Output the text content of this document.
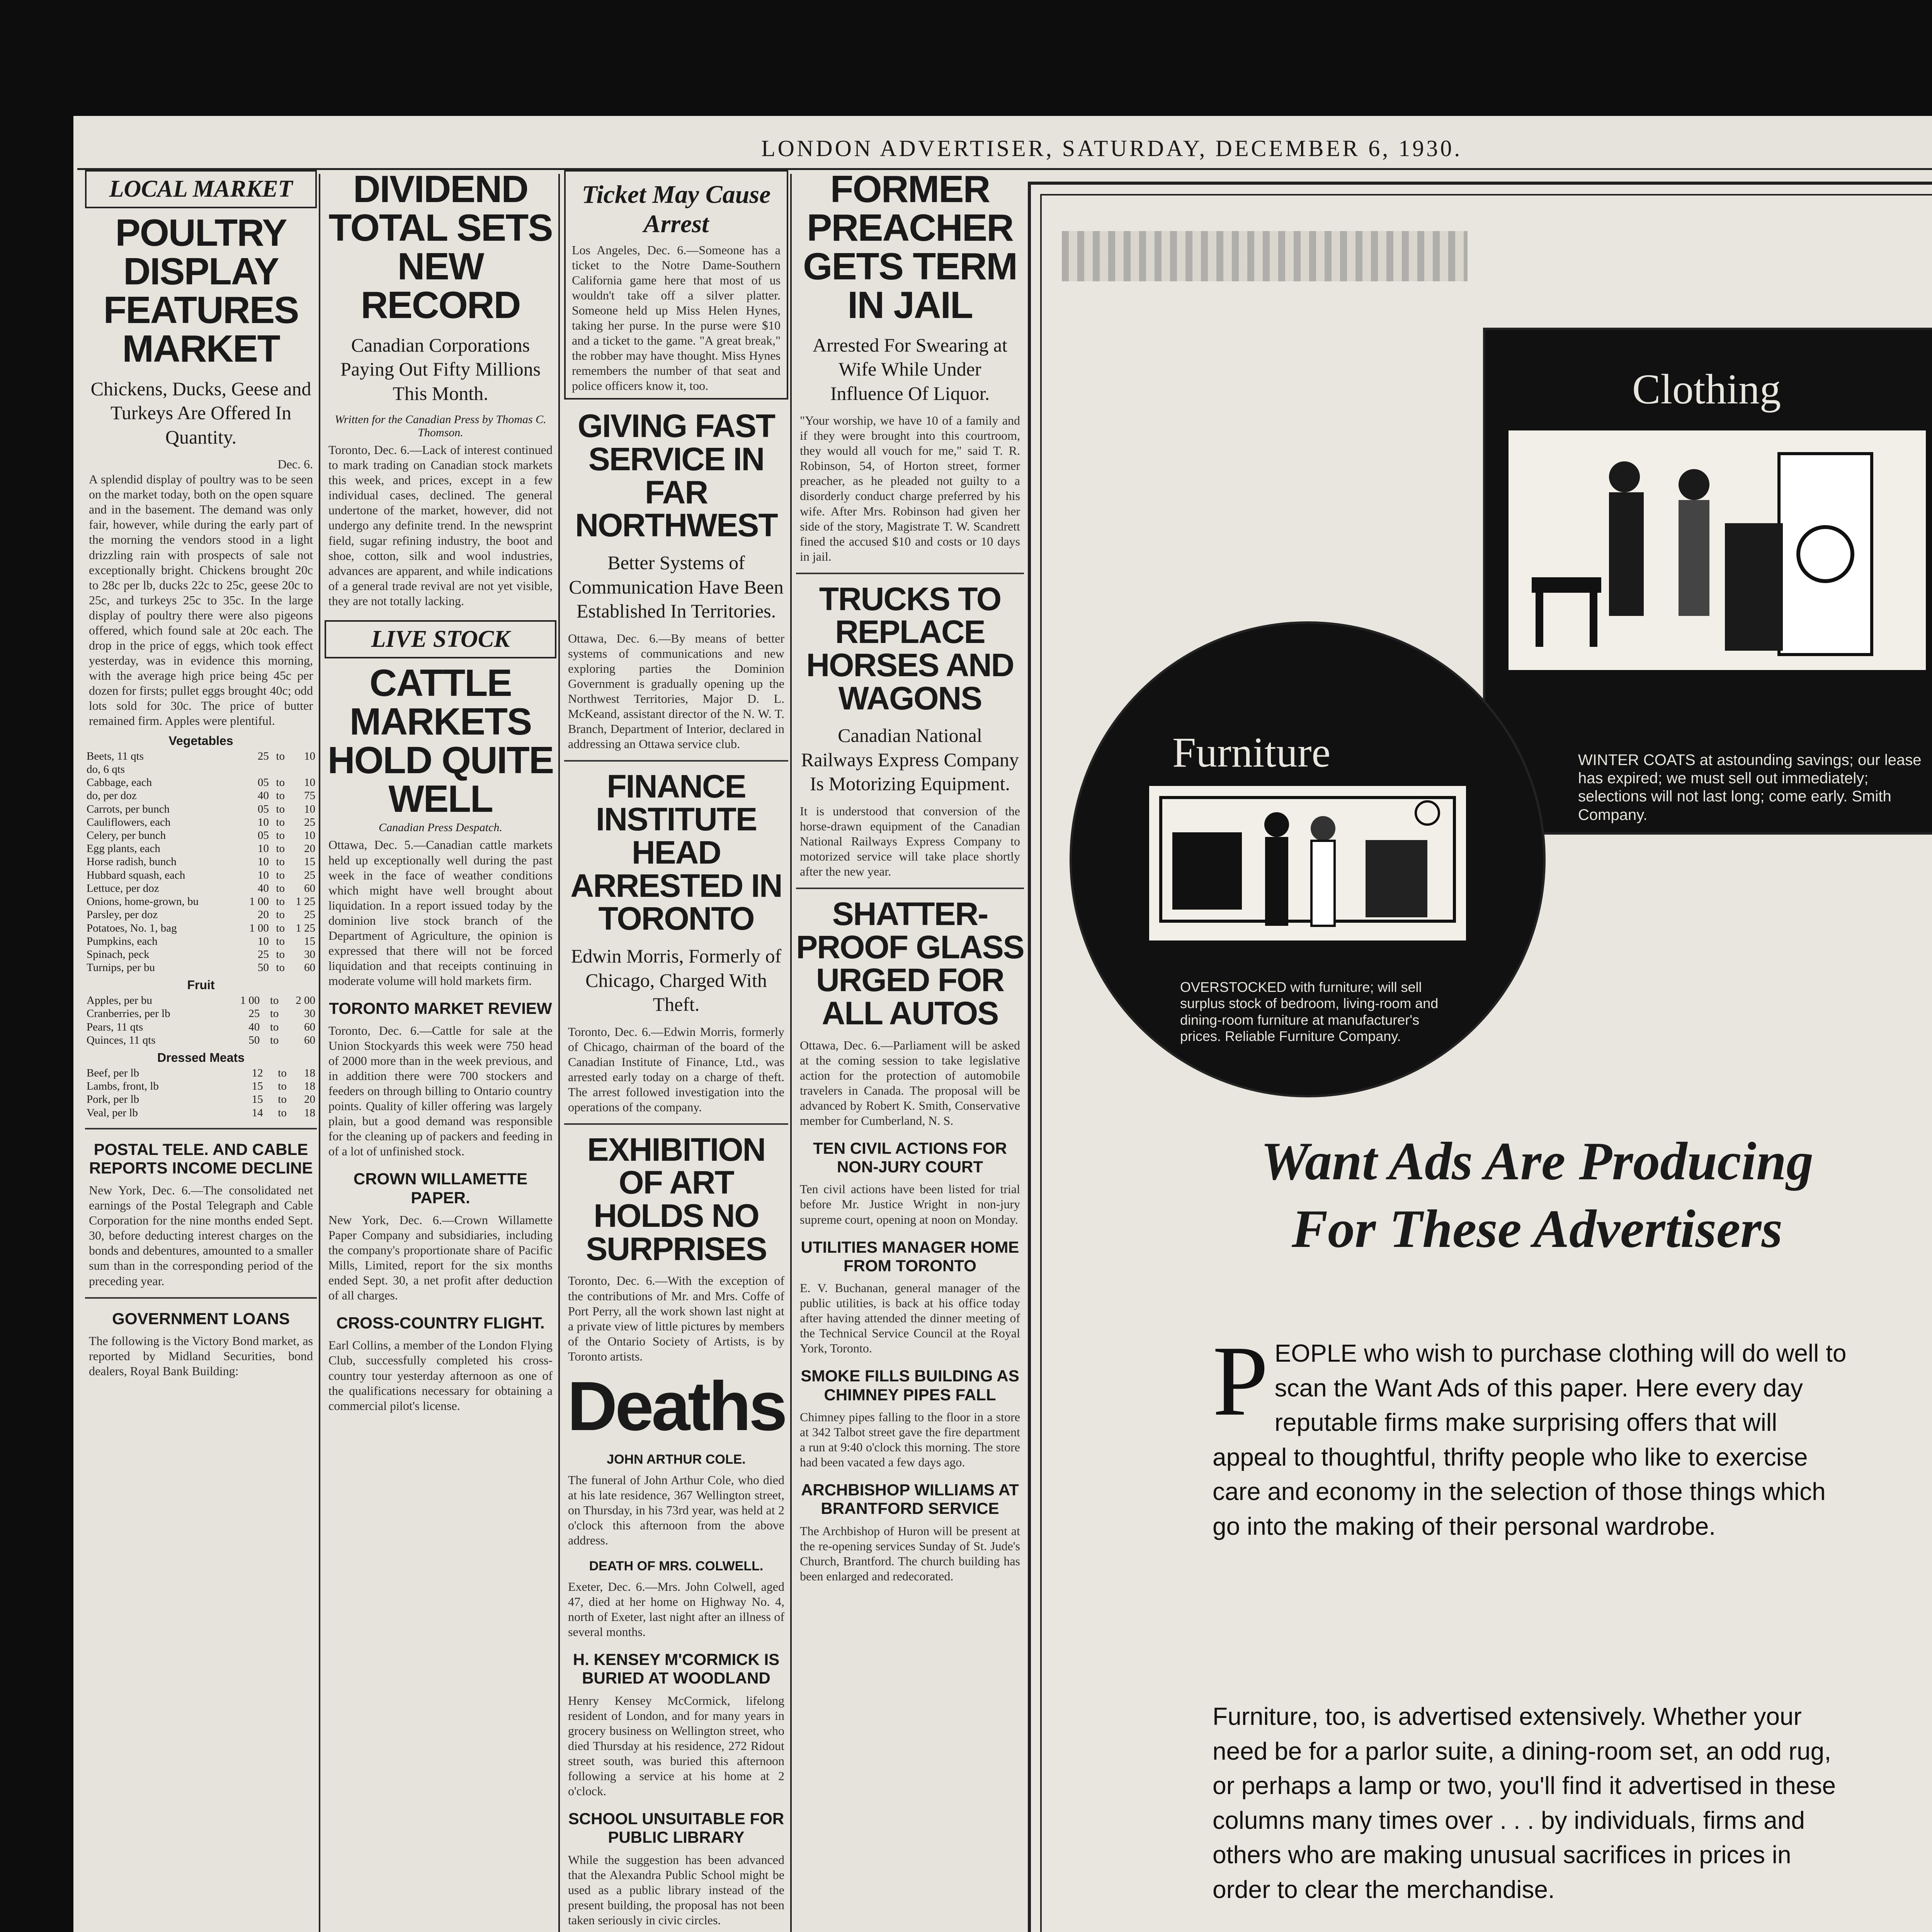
LONDON ADVERTISER, SATURDAY, DECEMBER 6, 1930.
LOCAL MARKET
POULTRY DISPLAY FEATURES MARKET
Chickens, Ducks, Geese and Turkeys Are Offered In Quantity.
Dec. 6.
A splendid display of poultry was to be seen on the market today, both on the open square and in the basement. The demand was only fair, however, while during the early part of the morning the vendors stood in a light drizzling rain with prospects of sale not exceptionally bright. Chickens brought 20c to 28c per lb, ducks 22c to 25c, geese 20c to 25c, and turkeys 25c to 35c. In the large display of poultry there were also pigeons offered, which found sale at 20c each. The drop in the price of eggs, which took effect yesterday, was in evidence this morning, with the average high price being 45c per dozen for firsts; pullet eggs brought 40c; odd lots sold for 30c. The price of butter remained firm. Apples were plentiful.
Vegetables
Beets, 11 qts	25	to	10
do, 6 qts			
Cabbage, each	05	to	10
do, per doz	40	to	75
Carrots, per bunch	05	to	10
Cauliflowers, each	10	to	25
Celery, per bunch	05	to	10
Egg plants, each	10	to	20
Horse radish, bunch	10	to	15
Hubbard squash, each	10	to	25
Lettuce, per doz	40	to	60
Onions, home-grown, bu	1 00	to	1 25
Parsley, per doz	20	to	25
Potatoes, No. 1, bag	1 00	to	1 25
Pumpkins, each	10	to	15
Spinach, peck	25	to	30
Turnips, per bu	50	to	60
Fruit
Apples, per bu	1 00	to	2 00
Cranberries, per lb	25	to	30
Pears, 11 qts	40	to	60
Quinces, 11 qts	50	to	60
Dressed Meats
Beef, per lb	12	to	18
Lambs, front, lb	15	to	18
Pork, per lb	15	to	20
Veal, per lb	14	to	18
POSTAL TELE. AND CABLE REPORTS INCOME DECLINE
New York, Dec. 6.—The consolidated net earnings of the Postal Telegraph and Cable Corporation for the nine months ended Sept. 30, before deducting interest charges on the bonds and debentures, amounted to a smaller sum than in the corresponding period of the preceding year.
GOVERNMENT LOANS
The following is the Victory Bond market, as reported by Midland Securities, bond dealers, Royal Bank Building:
DIVIDEND TOTAL SETS NEW RECORD
Canadian Corporations Paying Out Fifty Millions This Month.
Written for the Canadian Press by Thomas C. Thomson.
Toronto, Dec. 6.—Lack of interest continued to mark trading on Canadian stock markets this week, and prices, except in a few individual cases, declined. The general undertone of the market, however, did not undergo any definite trend. In the newsprint field, sugar refining industry, the boot and shoe, cotton, silk and wool industries, advances are apparent, and while indications of a general trade revival are not yet visible, they are not totally lacking.
LIVE STOCK
CATTLE MARKETS HOLD QUITE WELL
Canadian Press Despatch.
Ottawa, Dec. 5.—Canadian cattle markets held up exceptionally well during the past week in the face of weather conditions which might have well brought about liquidation. In a report issued today by the dominion live stock branch of the Department of Agriculture, the opinion is expressed that there will not be forced liquidation and that receipts continuing in moderate volume will hold markets firm.
TORONTO MARKET REVIEW
Toronto, Dec. 6.—Cattle for sale at the Union Stockyards this week were 750 head of 2000 more than in the week previous, and in addition there were 700 stockers and feeders on through billing to Ontario country points. Quality of killer offering was largely plain, but a good demand was responsible for the cleaning up of packers and feeding in of a lot of unfinished stock.
CROWN WILLAMETTE PAPER.
New York, Dec. 6.—Crown Willamette Paper Company and subsidiaries, including the company's proportionate share of Pacific Mills, Limited, report for the six months ended Sept. 30, a net profit after deduction of all charges.
CROSS-COUNTRY FLIGHT.
Earl Collins, a member of the London Flying Club, successfully completed his cross-country tour yesterday afternoon as one of the qualifications necessary for obtaining a commercial pilot's license.
Ticket May Cause Arrest
Los Angeles, Dec. 6.—Someone has a ticket to the Notre Dame-Southern California game here that most of us wouldn't take off a silver platter. Someone held up Miss Helen Hynes, taking her purse. In the purse were $10 and a ticket to the game. "A great break," the robber may have thought. Miss Hynes remembers the number of that seat and police officers know it, too.
GIVING FAST SERVICE IN FAR NORTHWEST
Better Systems of Communication Have Been Established In Territories.
Ottawa, Dec. 6.—By means of better systems of communications and new exploring parties the Dominion Government is gradually opening up the Northwest Territories, Major D. L. McKeand, assistant director of the N. W. T. Branch, Department of Interior, declared in addressing an Ottawa service club.
FINANCE INSTITUTE HEAD ARRESTED IN TORONTO
Edwin Morris, Formerly of Chicago, Charged With Theft.
Toronto, Dec. 6.—Edwin Morris, formerly of Chicago, chairman of the board of the Canadian Institute of Finance, Ltd., was arrested early today on a charge of theft. The arrest followed investigation into the operations of the company.
EXHIBITION OF ART HOLDS NO SURPRISES
Toronto, Dec. 6.—With the exception of the contributions of Mr. and Mrs. Coffe of Port Perry, all the work shown last night at a private view of little pictures by members of the Ontario Society of Artists, is by Toronto artists.
Deaths
JOHN ARTHUR COLE.
The funeral of John Arthur Cole, who died at his late residence, 367 Wellington street, on Thursday, in his 73rd year, was held at 2 o'clock this afternoon from the above address.
DEATH OF MRS. COLWELL.
Exeter, Dec. 6.—Mrs. John Colwell, aged 47, died at her home on Highway No. 4, north of Exeter, last night after an illness of several months.
H. KENSEY M'CORMICK IS BURIED AT WOODLAND
Henry Kensey McCormick, lifelong resident of London, and for many years in grocery business on Wellington street, who died Thursday at his residence, 272 Ridout street south, was buried this afternoon following a service at his home at 2 o'clock.
SCHOOL UNSUITABLE FOR PUBLIC LIBRARY
While the suggestion has been advanced that the Alexandra Public School might be used as a public library instead of the present building, the proposal has not been taken seriously in civic circles.
FORMER PREACHER GETS TERM IN JAIL
Arrested For Swearing at Wife While Under Influence Of Liquor.
"Your worship, we have 10 of a family and if they were brought into this courtroom, they would all vouch for me," said T. R. Robinson, 54, of Horton street, former preacher, as he pleaded not guilty to a disorderly conduct charge preferred by his wife. After Mrs. Robinson had given her side of the story, Magistrate T. W. Scandrett fined the accused $10 and costs or 10 days in jail.
TRUCKS TO REPLACE HORSES AND WAGONS
Canadian National Railways Express Company Is Motorizing Equipment.
It is understood that conversion of the horse-drawn equipment of the Canadian National Railways Express Company to motorized service will take place shortly after the new year.
SHATTER-PROOF GLASS URGED FOR ALL AUTOS
Ottawa, Dec. 6.—Parliament will be asked at the coming session to take legislative action for the protection of automobile travelers in Canada. The proposal will be advanced by Robert K. Smith, Conservative member for Cumberland, N. S.
TEN CIVIL ACTIONS FOR NON-JURY COURT
Ten civil actions have been listed for trial before Mr. Justice Wright in non-jury supreme court, opening at noon on Monday.
UTILITIES MANAGER HOME FROM TORONTO
E. V. Buchanan, general manager of the public utilities, is back at his office today after having attended the dinner meeting of the Technical Service Council at the Royal York, Toronto.
SMOKE FILLS BUILDING AS CHIMNEY PIPES FALL
Chimney pipes falling to the floor in a store at 342 Talbot street gave the fire department a run at 9:40 o'clock this morning. The store had been vacated a few days ago.
ARCHBISHOP WILLIAMS AT BRANTFORD SERVICE
The Archbishop of Huron will be present at the re-opening services Sunday of St. Jude's Church, Brantford. The church building has been enlarged and redecorated.
Clothing
WINTER COATS at astounding savings; our lease has expired; we must sell out immediately; selections will not last long; come early. Smith Company.
Furniture
OVERSTOCKED with furniture; will sell surplus stock of bedroom, living-room and dining-room furniture at manufacturer's prices. Reliable Furniture Company.
Want Ads Are Producing
For These Advertisers
PEOPLE who wish to purchase clothing will do well to scan the Want Ads of this paper. Here every day reputable firms make surprising offers that will appeal to thoughtful, thrifty people who like to exercise care and economy in the selection of those things which go into the making of their personal wardrobe.
Furniture, too, is advertised extensively. Whether your need be for a parlor suite, a dining-room set, an odd rug, or perhaps a lamp or two, you'll find it advertised in these columns many times over . . . by individuals, firms and others who are making unusual sacrifices in prices in order to clear the merchandise.
